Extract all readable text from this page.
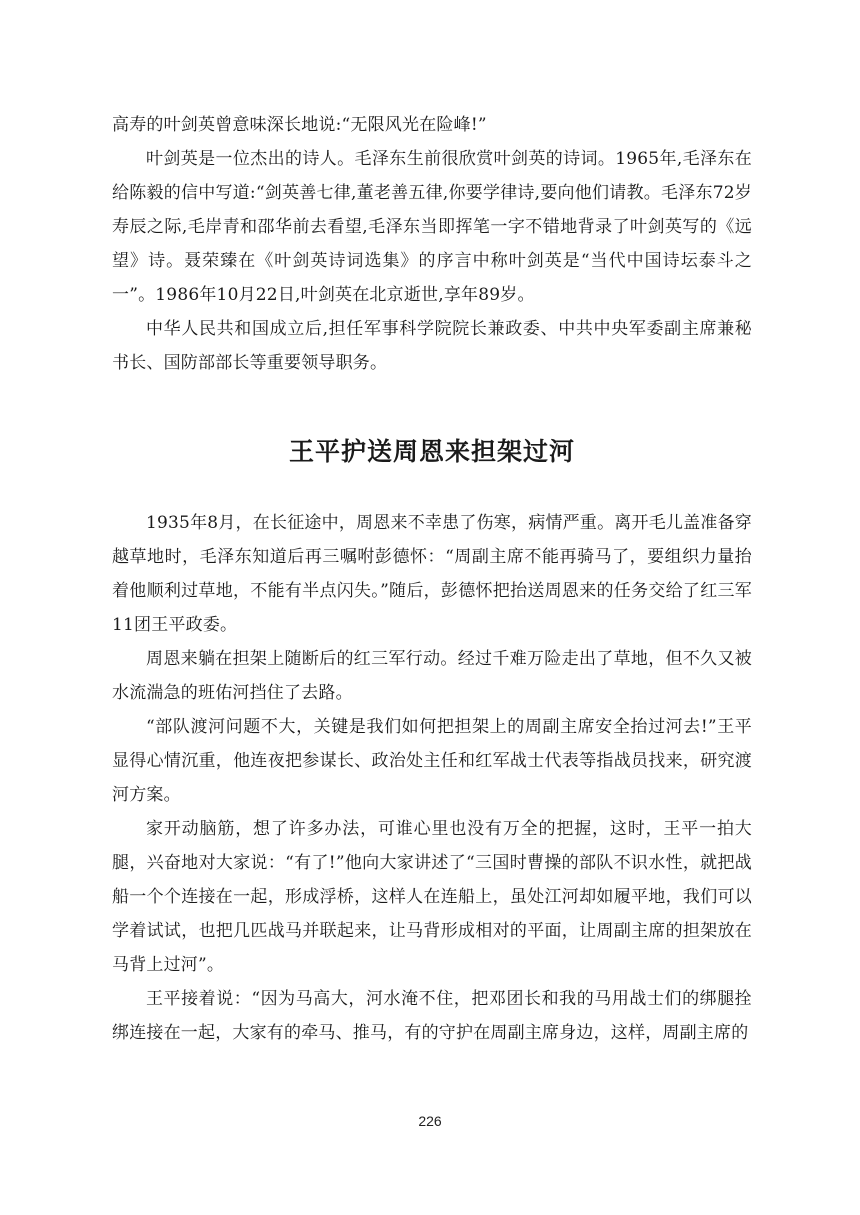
高寿的叶剑英曾意味深长地说:“无限风光在险峰!”

叶剑英是一位杰出的诗人。毛泽东生前很欣赏叶剑英的诗词。1965年,毛泽东在给陈毅的信中写道:“剑英善七律,董老善五律,你要学律诗,要向他们请教。毛泽东72岁寿辰之际,毛岸青和邵华前去看望,毛泽东当即挥笔一字不错地背录了叶剑英写的《远望》诗。聂荣臻在《叶剑英诗词选集》的序言中称叶剑英是“当代中国诗坛泰斗之一”。1986年10月22日,叶剑英在北京逝世,享年89岁。

中华人民共和国成立后,担任军事科学院院长兼政委、中共中央军委副主席兼秘书长、国防部部长等重要领导职务。

王平护送周恩来担架过河

1935年8月，在长征途中，周恩来不幸患了伤寒，病情严重。离开毛儿盖准备穿越草地时，毛泽东知道后再三嘱咐彭德怀：“周副主席不能再骑马了，要组织力量抬着他顺利过草地，不能有半点闪失。”随后，彭德怀把抬送周恩来的任务交给了红三军11团王平政委。

周恩来躺在担架上随断后的红三军行动。经过千难万险走出了草地，但不久又被水流湍急的班佑河挡住了去路。

“部队渡河问题不大，关键是我们如何把担架上的周副主席安全抬过河去!”王平显得心情沉重，他连夜把参谋长、政治处主任和红军战士代表等指战员找来，研究渡河方案。

家开动脑筋，想了许多办法，可谁心里也没有万全的把握，这时，王平一拍大腿，兴奋地对大家说：“有了!”他向大家讲述了“三国时曹操的部队不识水性，就把战船一个个连接在一起，形成浮桥，这样人在连船上，虽处江河却如履平地，我们可以学着试试，也把几匹战马并联起来，让马背形成相对的平面，让周副主席的担架放在马背上过河”。

王平接着说：“因为马高大，河水淹不住，把邓团长和我的马用战士们的绑腿拴绑连接在一起，大家有的牵马、推马，有的守护在周副主席身边，这样，周副主席的

226
